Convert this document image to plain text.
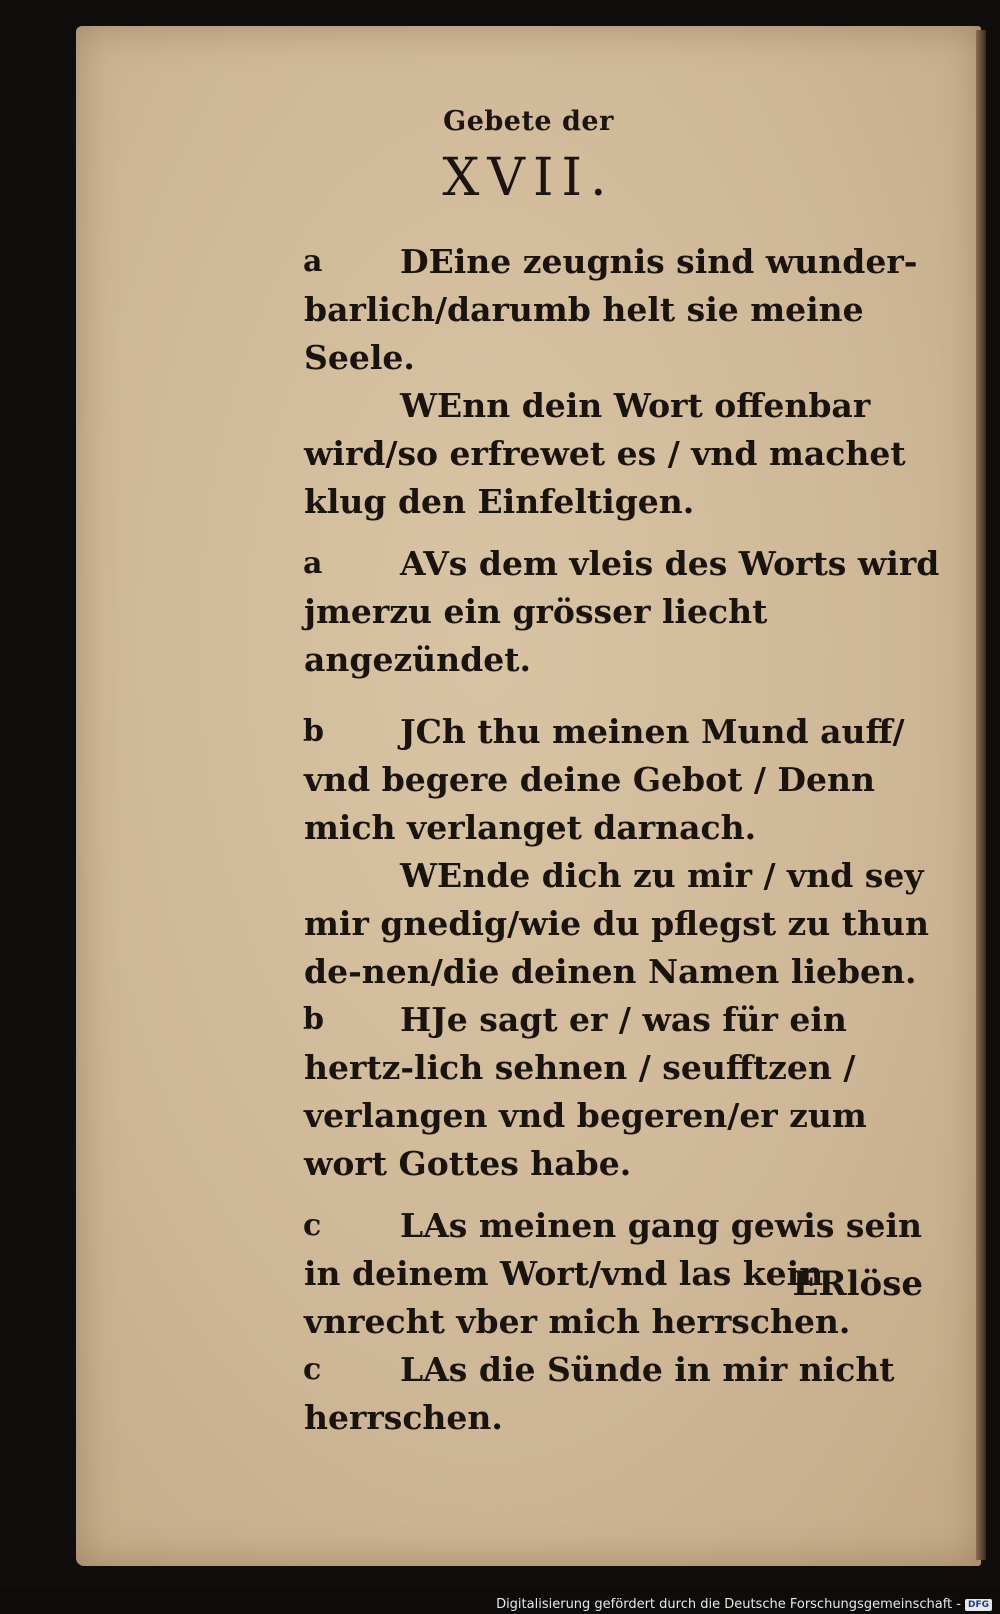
Gebete der
XVII.

a	DEine zeugnis sind wunder-barlich/darumb helt sie meine Seele.

WEnn dein Wort offenbar wird/so erfrewet es / vnd machet klug den Einfeltigen.

a	AVs dem vleis des Worts wird jmerzu ein grösser liecht angezündet.

b	JCh thu meinen Mund auff/ vnd begere deine Gebot / Denn mich verlanget darnach.

WEnde dich zu mir / vnd sey mir gnedig/wie du pflegst zu thun de-nen/die deinen Namen lieben.

b	HJe sagt er / was für ein hertz-lich sehnen / seufftzen / verlangen vnd begeren/er zum wort Gottes habe.

c	LAs meinen gang gewis sein in deinem Wort/vnd las kein vnrecht vber mich herrschen.

c	LAs die Sünde in mir nicht herrschen.

ERlöse
Digitalisierung gefördert durch die Deutsche Forschungsgemeinschaft - DFG
